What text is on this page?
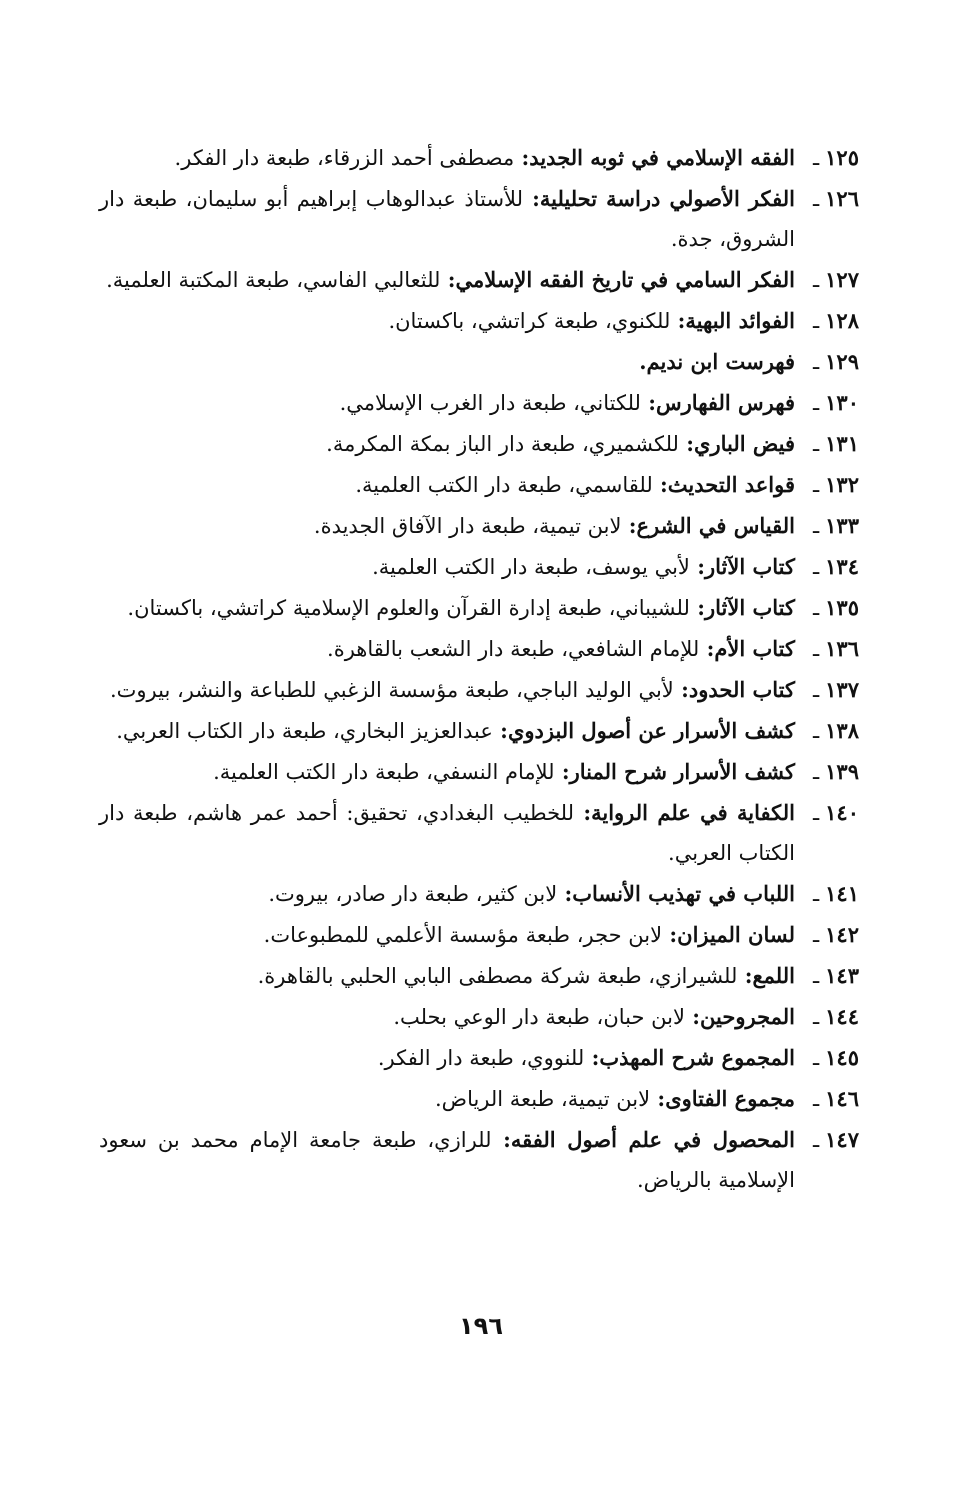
١٢٥ـ
الفقه الإسلامي في ثوبه الجديد: مصطفى أحمد الزرقاء، طبعة دار الفكر.

١٢٦ـ
الفكر الأصولي دراسة تحليلية: للأستاذ عبدالوهاب إبراهيم أبو سليمان، طبعة دار الشروق، جدة.

١٢٧ـ
الفكر السامي في تاريخ الفقه الإسلامي: للثعالبي الفاسي، طبعة المكتبة العلمية.

١٢٨ـ
الفوائد البهية: للكنوي، طبعة كراتشي، باكستان.

١٢٩ـ
فهرست ابن نديم.

١٣٠ـ
فهرس الفهارس: للكتاني، طبعة دار الغرب الإسلامي.

١٣١ـ
فيض الباري: للكشميري، طبعة دار الباز بمكة المكرمة.

١٣٢ـ
قواعد التحديث: للقاسمي، طبعة دار الكتب العلمية.

١٣٣ـ
القياس في الشرع: لابن تيمية، طبعة دار الآفاق الجديدة.

١٣٤ـ
كتاب الآثار: لأبي يوسف، طبعة دار الكتب العلمية.

١٣٥ـ
كتاب الآثار: للشيباني، طبعة إدارة القرآن والعلوم الإسلامية كراتشي، باكستان.

١٣٦ـ
كتاب الأم: للإمام الشافعي، طبعة دار الشعب بالقاهرة.

١٣٧ـ
كتاب الحدود: لأبي الوليد الباجي، طبعة مؤسسة الزغبي للطباعة والنشر، بيروت.

١٣٨ـ
كشف الأسرار عن أصول البزدوي: عبدالعزيز البخاري، طبعة دار الكتاب العربي.

١٣٩ـ
كشف الأسرار شرح المنار: للإمام النسفي، طبعة دار الكتب العلمية.

١٤٠ـ
الكفاية في علم الرواية: للخطيب البغدادي، تحقيق: أحمد عمر هاشم، طبعة دار الكتاب العربي.

١٤١ـ
اللباب في تهذيب الأنساب: لابن كثير، طبعة دار صادر، بيروت.

١٤٢ـ
لسان الميزان: لابن حجر، طبعة مؤسسة الأعلمي للمطبوعات.

١٤٣ـ
اللمع: للشيرازي، طبعة شركة مصطفى البابي الحلبي بالقاهرة.

١٤٤ـ
المجروحين: لابن حبان، طبعة دار الوعي بحلب.

١٤٥ـ
المجموع شرح المهذب: للنووي، طبعة دار الفكر.

١٤٦ـ
مجموع الفتاوى: لابن تيمية، طبعة الرياض.

١٤٧ـ
المحصول في علم أصول الفقه: للرازي، طبعة جامعة الإمام محمد بن سعود الإسلامية بالرياض.

١٩٦
